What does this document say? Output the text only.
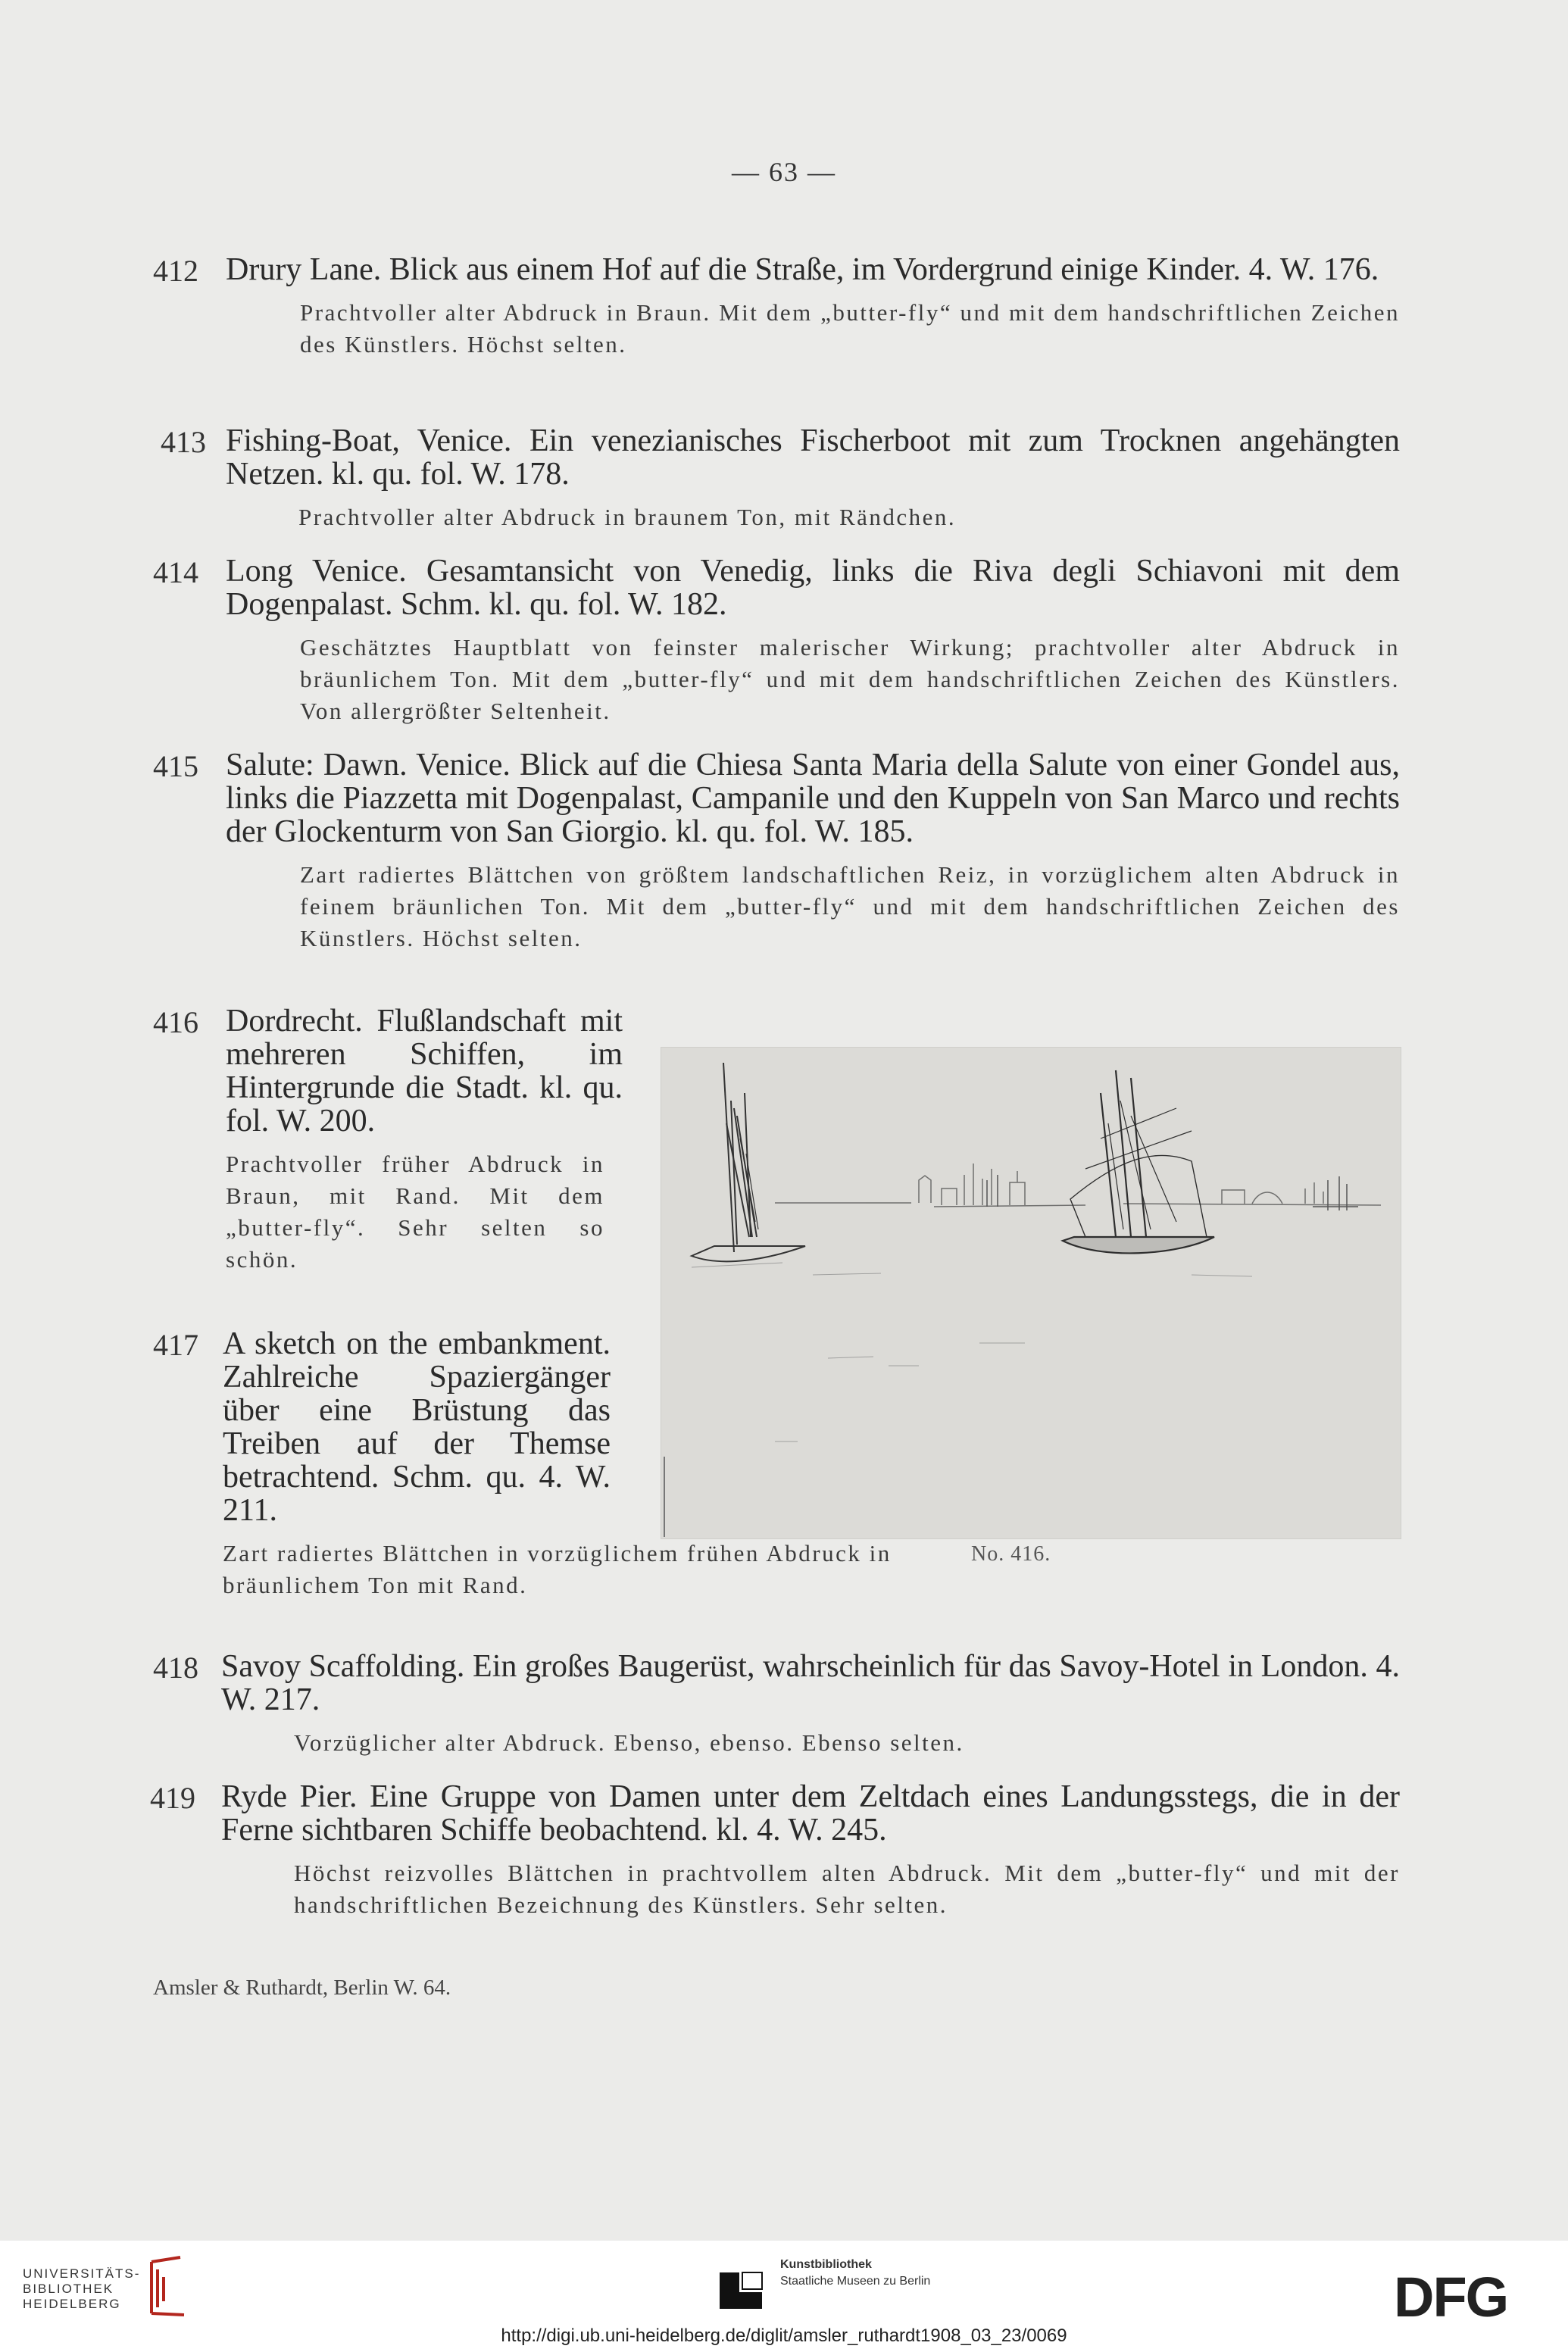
— 63 —
412 Drury Lane. Blick aus einem Hof auf die Straße, im Vordergrund einige Kinder. 4. W. 176.
Prachtvoller alter Abdruck in Braun. Mit dem „butter-fly“ und mit dem handschriftlichen Zeichen des Künstlers. Höchst selten.
413 Fishing-Boat, Venice. Ein venezianisches Fischerboot mit zum Trocknen angehängten Netzen. kl. qu. fol. W. 178.
Prachtvoller alter Abdruck in braunem Ton, mit Rändchen.
414 Long Venice. Gesamtansicht von Venedig, links die Riva degli Schiavoni mit dem Dogenpalast. Schm. kl. qu. fol. W. 182.
Geschätztes Hauptblatt von feinster malerischer Wirkung; prachtvoller alter Abdruck in bräunlichem Ton. Mit dem „butter-fly“ und mit dem handschriftlichen Zeichen des Künstlers. Von allergrößter Seltenheit.
415 Salute: Dawn. Venice. Blick auf die Chiesa Santa Maria della Salute von einer Gondel aus, links die Piazzetta mit Dogenpalast, Campanile und den Kuppeln von San Marco und rechts der Glockenturm von San Giorgio. kl. qu. fol. W. 185.
Zart radiertes Blättchen von größtem landschaftlichen Reiz, in vorzüglichem alten Abdruck in feinem bräunlichen Ton. Mit dem „butter-fly“ und mit dem handschriftlichen Zeichen des Künstlers. Höchst selten.
416 Dordrecht. Flußlandschaft mit mehreren Schiffen, im Hintergrunde die Stadt. kl. qu. fol. W. 200.
Prachtvoller früher Abdruck in Braun, mit Rand. Mit dem „butter-fly“. Sehr selten so schön.
417 A sketch on the embankment. Zahlreiche Spaziergänger über eine Brüstung das Treiben auf der Themse betrachtend. Schm. qu. 4. W. 211.
Zart radiertes Blättchen in vorzüglichem frühen Abdruck in bräunlichem Ton mit Rand.
418 Savoy Scaffolding. Ein großes Baugerüst, wahrscheinlich für das Savoy-Hotel in London. 4. W. 217.
Vorzüglicher alter Abdruck. Ebenso, ebenso. Ebenso selten.
419 Ryde Pier. Eine Gruppe von Damen unter dem Zeltdach eines Landungsstegs, die in der Ferne sichtbaren Schiffe beobachtend. kl. 4. W. 245.
Höchst reizvolles Blättchen in prachtvollem alten Abdruck. Mit dem „butter-fly“ und mit der handschriftlichen Bezeichnung des Künstlers. Sehr selten.
No. 416.
Amsler & Ruthardt, Berlin W. 64.
UNIVERSITÄTS-
BIBLIOTHEK
HEIDELBERG
Kunstbibliothek
Staatliche Museen zu Berlin	DFG
http://digi.ub.uni-heidelberg.de/diglit/amsler_ruthardt1908_03_23/0069
